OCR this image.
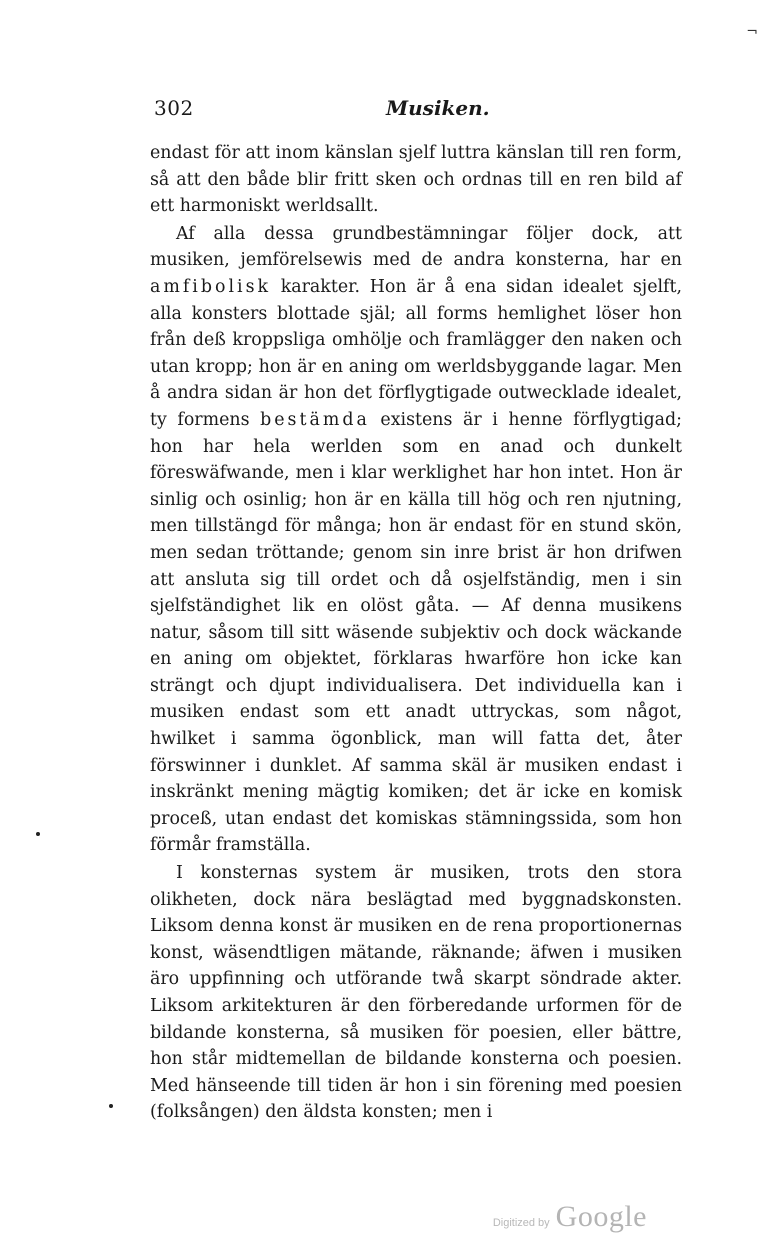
302	Musiken.
¬

endast för att inom känslan sjelf luttra känslan till ren form, så att den både blir fritt sken och ordnas till en ren bild af ett harmoniskt werldsallt.

Af alla dessa grundbestämningar följer dock, att musiken, jemförelsewis med de andra konsterna, har en amfibolisk karakter. Hon är å ena sidan idealet sjelft, alla konsters blottade själ; all forms hemlighet löser hon från deß kroppsliga omhölje och framlägger den naken och utan kropp; hon är en aning om werldsbyggande lagar. Men å andra sidan är hon det förflygtigade outwecklade idealet, ty formens bestämda existens är i henne förflygtigad; hon har hela werlden som en anad och dunkelt föreswäfwande, men i klar werklighet har hon intet. Hon är sinlig och osinlig; hon är en källa till hög och ren njutning, men tillstängd för många; hon är endast för en stund skön, men sedan tröttande; genom sin inre brist är hon drifwen att ansluta sig till ordet och då osjelfständig, men i sin sjelfständighet lik en olöst gåta. — Af denna musikens natur, såsom till sitt wäsende subjektiv och dock wäckande en aning om objektet, förklaras hwarföre hon icke kan strängt och djupt individualisera. Det individuella kan i musiken endast som ett anadt uttryckas, som något, hwilket i samma ögonblick, man will fatta det, åter förswinner i dunklet. Af samma skäl är musiken endast i inskränkt mening mägtig komiken; det är icke en komisk proceß, utan endast det komiskas stämningssida, som hon förmår framställa.

I konsternas system är musiken, trots den stora olikheten, dock nära beslägtad med byggnadskonsten. Liksom denna konst är musiken en de rena proportionernas konst, wäsendtligen mätande, räknande; äfwen i musiken äro uppfinning och utförande twå skarpt söndrade akter. Liksom arkitekturen är den förberedande urformen för de bildande konsterna, så musiken för poesien, eller bättre, hon står midtemellan de bildande konsterna och poesien. Med hänseende till tiden är hon i sin förening med poesien (folksången) den äldsta konsten; men i

Digitized by Google
